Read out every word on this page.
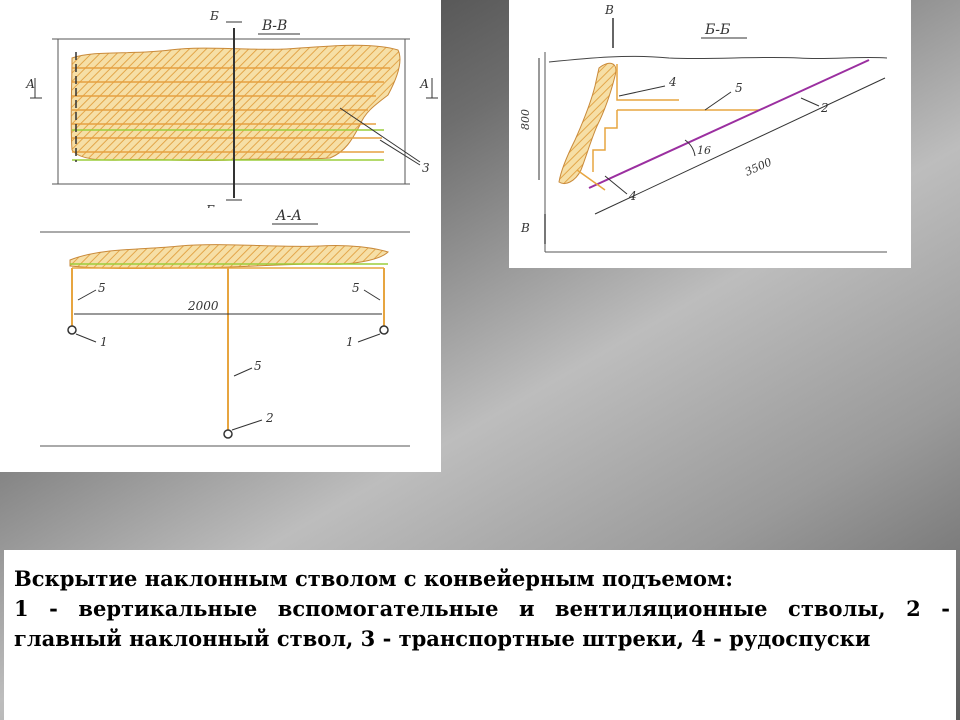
Б
В-В
А	А
3
А-А
2000
5	5
5
1	1
2
Б-Б
В
В
800
3500
16
4
4
5
2
Вскрытие наклонным стволом с конвейерным подъемом:
1 - вертикальные вспомогательные и вентиляционные стволы, 2 - главный наклонный ствол, 3 - транспортные штреки, 4 - рудоспуски
